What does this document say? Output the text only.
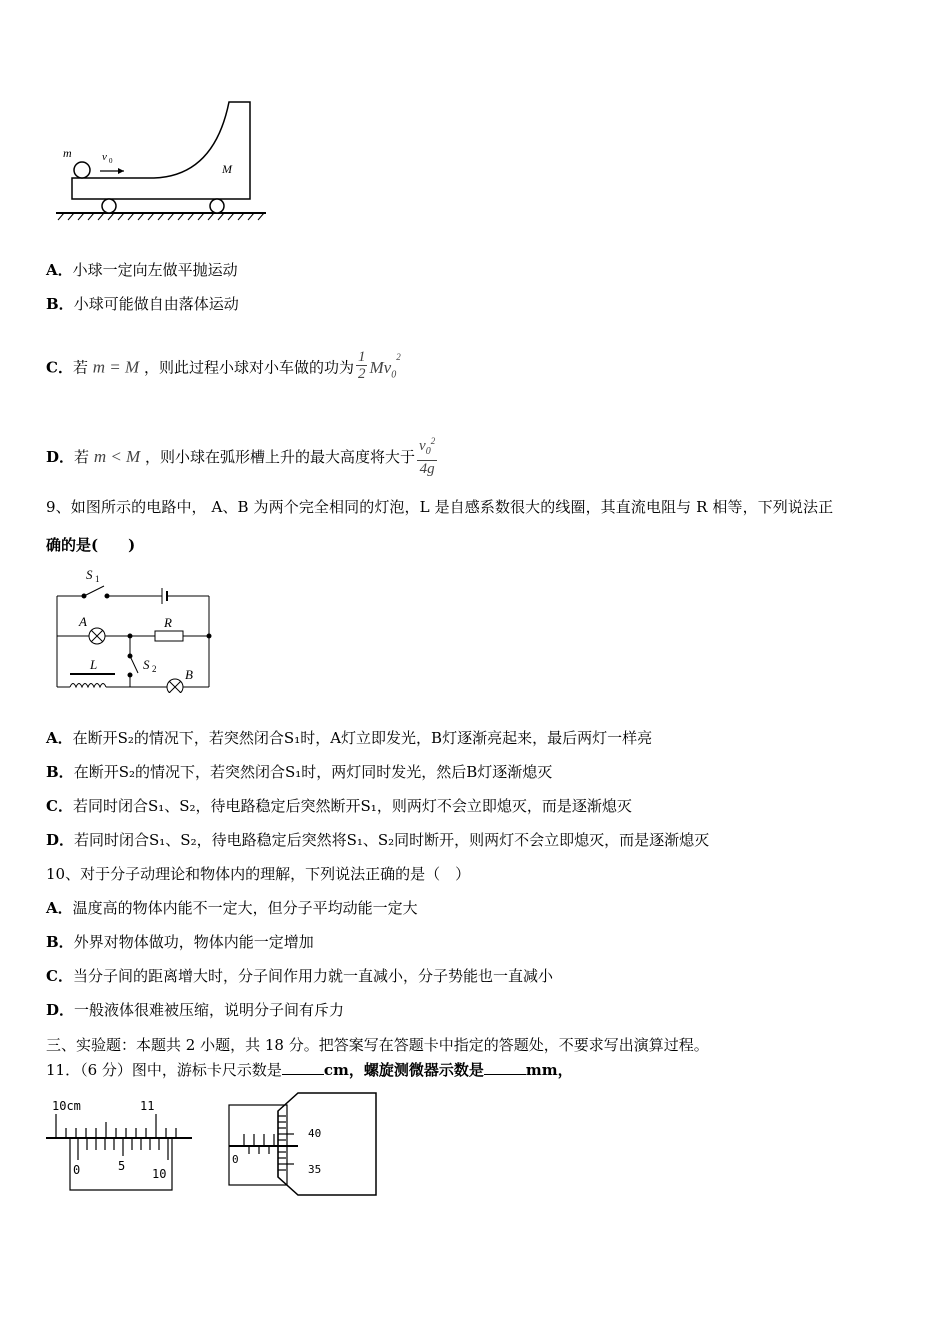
m	v 0
M
A．小球一定向左做平抛运动
B．小球可能做自由落体运动
C．若 m = M ，则此过程小球对小车做的功为 $\frac{1}{2} Mv_0^2$
D．若 m < M ，则小球在弧形槽上升的最大高度将大于 $\frac{v_0^2}{4g}$
9、如图所示的电路中， A、B 为两个完全相同的灯泡，L 是自感系数很大的线圈，其直流电阻与 R 相等，下列说法正
确的是(　　)
S 1
A	R
L	S 2 B
A．在断开S₂的情况下，若突然闭合S₁时，A灯立即发光，B灯逐渐亮起来，最后两灯一样亮
B．在断开S₂的情况下，若突然闭合S₁时，两灯同时发光，然后B灯逐渐熄灭
C．若同时闭合S₁、S₂，待电路稳定后突然断开S₁，则两灯不会立即熄灭，而是逐渐熄灭
D．若同时闭合S₁、S₂，待电路稳定后突然将S₁、S₂同时断开，则两灯不会立即熄灭，而是逐渐熄灭
10、对于分子动理论和物体内的理解，下列说法正确的是（　）
A．温度高的物体内能不一定大，但分子平均动能一定大
B．外界对物体做功，物体内能一定增加
C．当分子间的距离增大时，分子间作用力就一直减小，分子势能也一直减小
D．一般液体很难被压缩，说明分子间有斥力
三、实验题：本题共 2 小题，共 18 分。把答案写在答题卡中指定的答题处，不要求写出演算过程。
11．（6 分）图中，游标卡尺示数是	cm，螺旋测微器示数是	mm，
10cm	11
0	5
10
0
40
35
